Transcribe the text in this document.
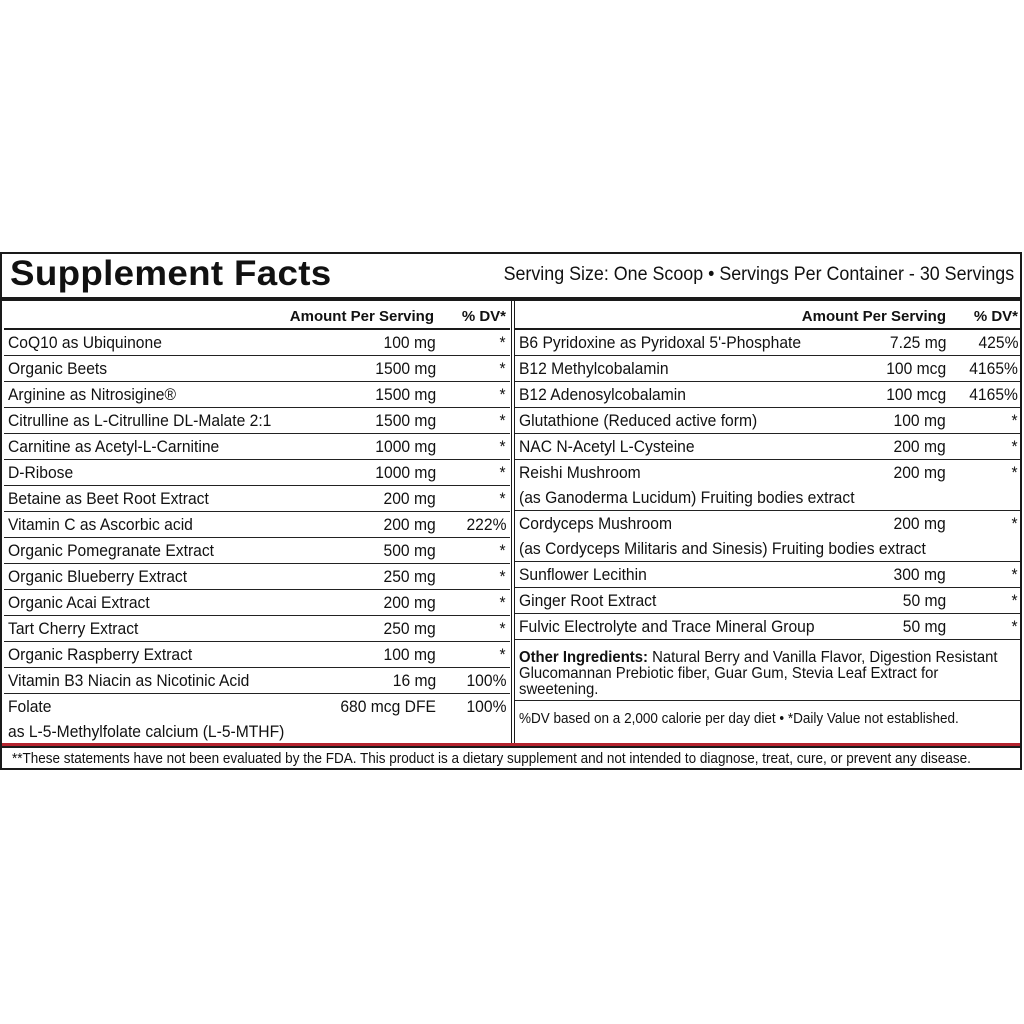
Supplement Facts	Serving Size: One Scoop • Servings Per Container - 30 Servings
Amount Per Serving % DV*
CoQ10 as Ubiquinone	100 mg	*
Organic Beets	1500 mg	*
Arginine as Nitrosigine®	1500 mg	*
Citrulline as L-Citrulline DL-Malate 2:1	1500 mg	*
Carnitine as Acetyl-L-Carnitine	1000 mg	*
D-Ribose	1000 mg	*
Betaine as Beet Root Extract	200 mg	*
Vitamin C as Ascorbic acid	200 mg 222%
Organic Pomegranate Extract	500 mg	*
Organic Blueberry Extract	250 mg	*
Organic Acai Extract	200 mg	*
Tart Cherry Extract	250 mg	*
Organic Raspberry Extract	100 mg	*
Vitamin B3 Niacin as Nicotinic Acid	16 mg 100%
Folate	680 mcg DFE 100%
as L-5-Methylfolate calcium (L-5-MTHF)
Amount Per Serving % DV*
B6 Pyridoxine as Pyridoxal 5'-Phosphate	7.25 mg 425%
B12 Methylcobalamin	100 mcg 4165%
B12 Adenosylcobalamin	100 mcg 4165%
Glutathione (Reduced active form)	100 mg	*
NAC N-Acetyl L-Cysteine	200 mg	*
Reishi Mushroom	200 mg	*
(as Ganoderma Lucidum) Fruiting bodies extract
Cordyceps Mushroom	200 mg	*
(as Cordyceps Militaris and Sinesis) Fruiting bodies extract
Sunflower Lecithin	300 mg	*
Ginger Root Extract	50 mg	*
Fulvic Electrolyte and Trace Mineral Group	50 mg	*
Other Ingredients: Natural Berry and Vanilla Flavor, Digestion Resistant Glucomannan Prebiotic fiber, Guar Gum, Stevia Leaf Extract for sweetening.
%DV based on a 2,000 calorie per day diet • *Daily Value not established.
**These statements have not been evaluated by the FDA. This product is a dietary supplement and not intended to diagnose, treat, cure, or prevent any disease.
